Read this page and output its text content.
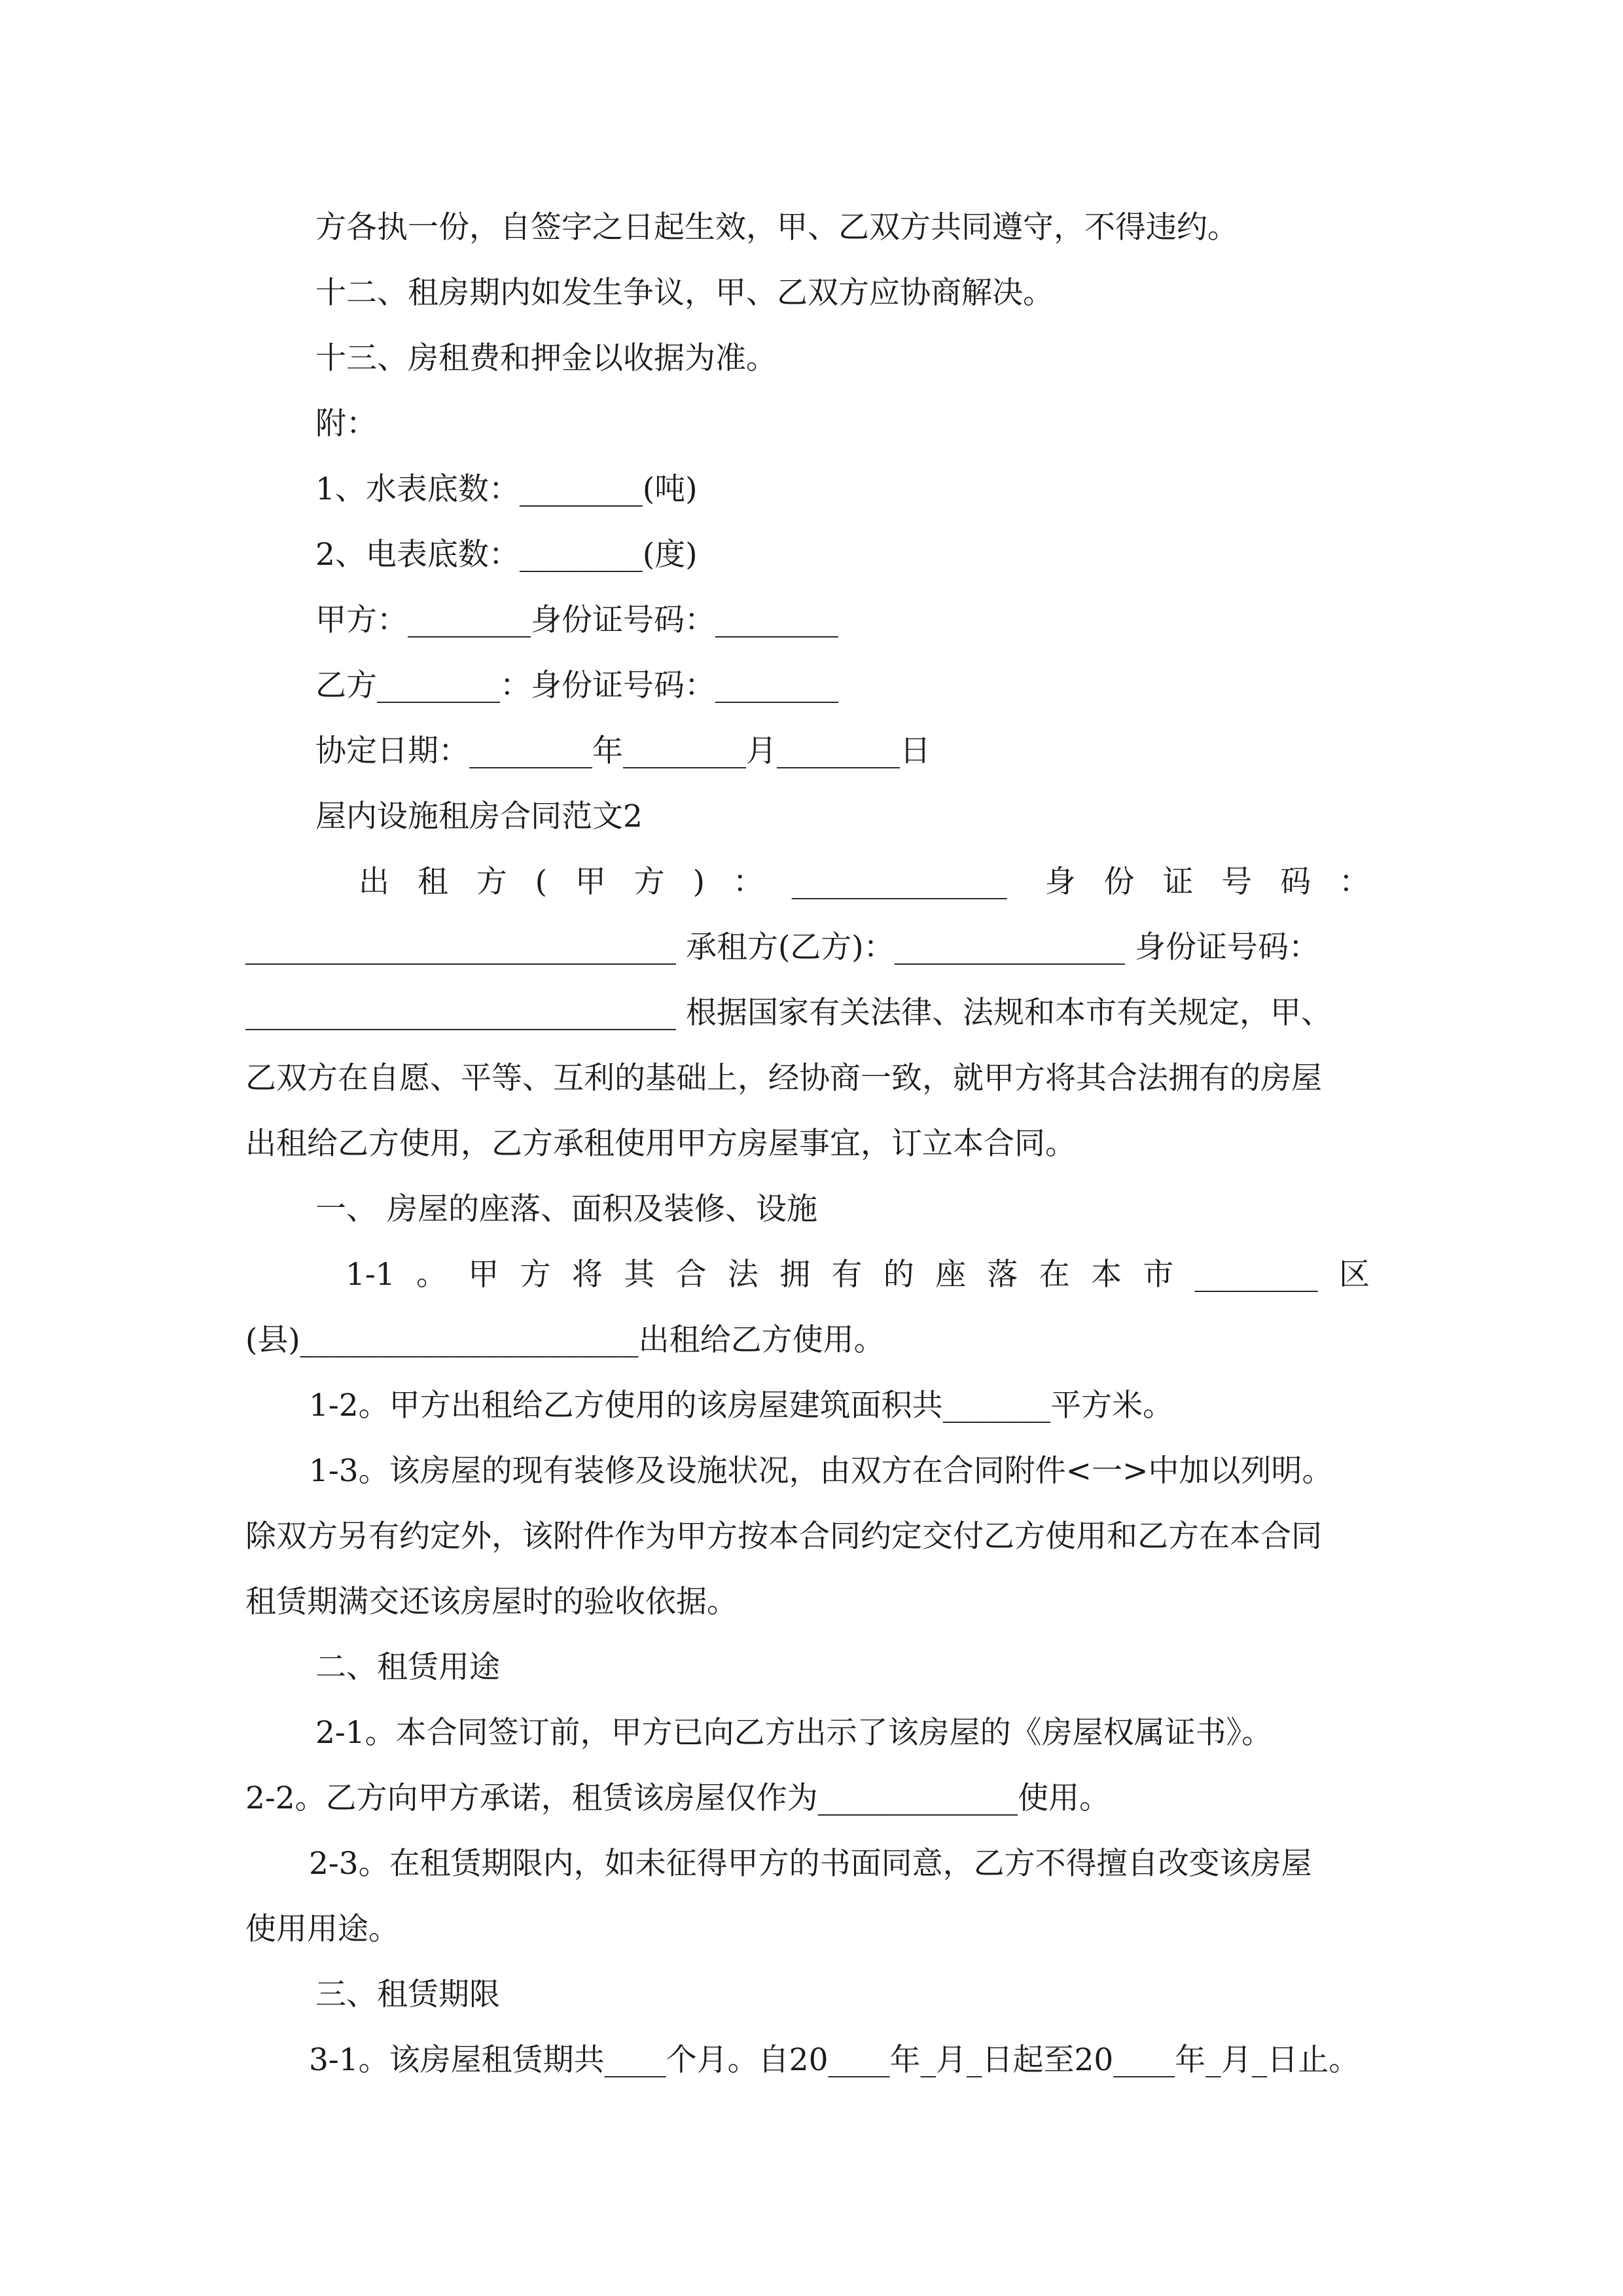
方各执一份，自签字之日起生效，甲、乙双方共同遵守，不得违约。
十二、租房期内如发生争议，甲、乙双方应协商解决。
十三、房租费和押金以收据为准。
附：
1、水表底数：________(吨)
2、电表底数：________(度)
甲方：________身份证号码：________
乙方________：身份证号码：________
协定日期：________年________月________日
屋内设施租房合同范文2
出租方(甲方)：______________ 身份证号码：
____________________________ 承租方(乙方)：_______________ 身份证号码：
____________________________ 根据国家有关法律、法规和本市有关规定，甲、
乙双方在自愿、平等、互利的基础上，经协商一致，就甲方将其合法拥有的房屋
出租给乙方使用，乙方承租使用甲方房屋事宜，订立本合同。
一、 房屋的座落、面积及装修、设施
1-1。甲方将其合法拥有的座落在本市________区
(县)______________________出租给乙方使用。
1-2。甲方出租给乙方使用的该房屋建筑面积共_______平方米。
1-3。该房屋的现有装修及设施状况，由双方在合同附件<一>中加以列明。
除双方另有约定外，该附件作为甲方按本合同约定交付乙方使用和乙方在本合同
租赁期满交还该房屋时的验收依据。
二、租赁用途
2-1。本合同签订前，甲方已向乙方出示了该房屋的《房屋权属证书》。
2-2。乙方向甲方承诺，租赁该房屋仅作为_____________使用。
2-3。在租赁期限内，如未征得甲方的书面同意，乙方不得擅自改变该房屋
使用用途。
三、租赁期限
3-1。该房屋租赁期共____个月。自20____年_月_日起至20____年_月_日止。
